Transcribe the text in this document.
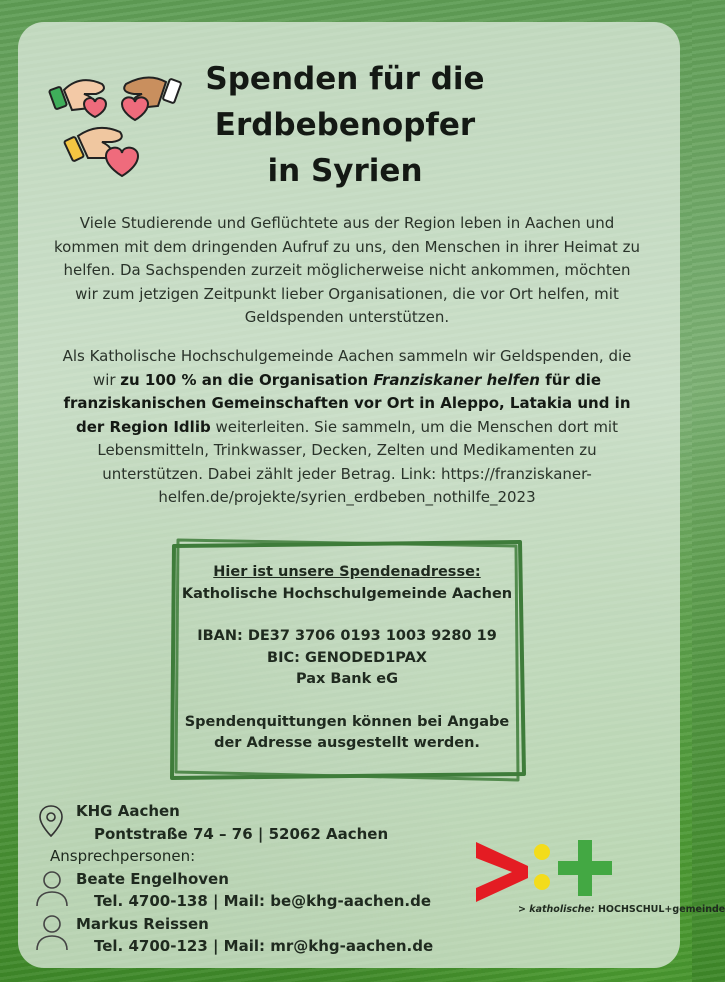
Spenden für die
Erdbebenopfer
in Syrien

Viele Studierende und Geflüchtete aus der Region leben in Aachen und kommen mit dem dringenden Aufruf zu uns, den Menschen in ihrer Heimat zu helfen. Da Sachspenden zurzeit möglicherweise nicht ankommen, möchten wir zum jetzigen Zeitpunkt lieber Organisationen, die vor Ort helfen, mit Geldspenden unterstützen.

Als Katholische Hochschulgemeinde Aachen sammeln wir Geldspenden, die wir zu 100 % an die Organisation Franziskaner helfen für die franziskanischen Gemeinschaften vor Ort in Aleppo, Latakia und in der Region Idlib weiterleiten. Sie sammeln, um die Menschen dort mit Lebensmitteln, Trinkwasser, Decken, Zelten und Medikamenten zu unterstützen. Dabei zählt jeder Betrag. Link: https://franziskaner-helfen.de/projekte/syrien_erdbeben_nothilfe_2023

Hier ist unsere Spendenadresse:
Katholische Hochschulgemeinde Aachen
IBAN: DE37 3706 0193 1003 9280 19
BIC: GENODED1PAX
Pax Bank eG
Spendenquittungen können bei Angabe
der Adresse ausgestellt werden.
KHG Aachen
Pontstraße 74 – 76 | 52062 Aachen
Ansprechpersonen:
Beate Engelhoven
Tel. 4700-138 | Mail: be@khg-aachen.de
Markus Reissen
Tel. 4700-123 | Mail: mr@khg-aachen.de
> katholische: HOCHSCHUL+gemeinde
